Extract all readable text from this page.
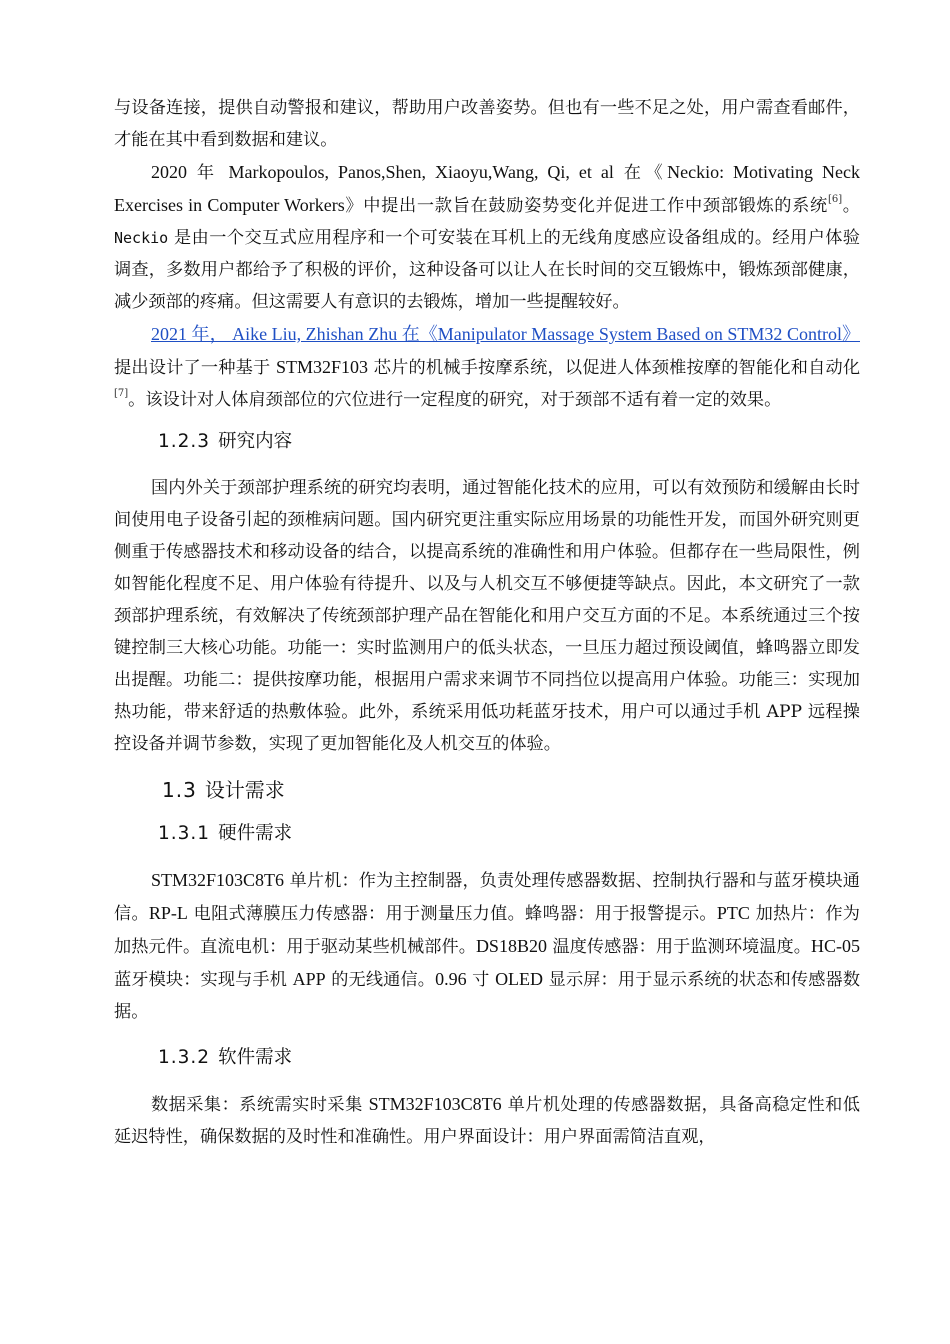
与设备连接，提供自动警报和建议，帮助用户改善姿势。但也有一些不足之处，用户需查看邮件，才能在其中看到数据和建议。

2020 年 Markopoulos, Panos,Shen, Xiaoyu,Wang, Qi, et al 在《Neckio: Motivating Neck Exercises in Computer Workers》中提出一款旨在鼓励姿势变化并促进工作中颈部锻炼的系统[6]。Neckio 是由一个交互式应用程序和一个可安装在耳机上的无线角度感应设备组成的。经用户体验调查，多数用户都给予了积极的评价，这种设备可以让人在长时间的交互锻炼中，锻炼颈部健康，减少颈部的疼痛。但这需要人有意识的去锻炼，增加一些提醒较好。

2021 年， Aike Liu, Zhishan Zhu 在《Manipulator Massage System Based on STM32 Control》提出设计了一种基于 STM32F103 芯片的机械手按摩系统，以促进人体颈椎按摩的智能化和自动化[7]。该设计对人体肩颈部位的穴位进行一定程度的研究，对于颈部不适有着一定的效果。

1.2.3 研究内容

国内外关于颈部护理系统的研究均表明，通过智能化技术的应用，可以有效预防和缓解由长时间使用电子设备引起的颈椎病问题。国内研究更注重实际应用场景的功能性开发，而国外研究则更侧重于传感器技术和移动设备的结合，以提高系统的准确性和用户体验。但都存在一些局限性，例如智能化程度不足、用户体验有待提升、以及与人机交互不够便捷等缺点。因此，本文研究了一款颈部护理系统，有效解决了传统颈部护理产品在智能化和用户交互方面的不足。本系统通过三个按键控制三大核心功能。功能一：实时监测用户的低头状态，一旦压力超过预设阈值，蜂鸣器立即发出提醒。功能二：提供按摩功能，根据用户需求来调节不同挡位以提高用户体验。功能三：实现加热功能，带来舒适的热敷体验。此外，系统采用低功耗蓝牙技术，用户可以通过手机 APP 远程操控设备并调节参数，实现了更加智能化及人机交互的体验。

1.3 设计需求
1.3.1 硬件需求

STM32F103C8T6 单片机：作为主控制器，负责处理传感器数据、控制执行器和与蓝牙模块通信。RP-L 电阻式薄膜压力传感器：用于测量压力值。蜂鸣器：用于报警提示。PTC 加热片：作为加热元件。直流电机：用于驱动某些机械部件。DS18B20 温度传感器：用于监测环境温度。HC-05 蓝牙模块：实现与手机 APP 的无线通信。0.96 寸 OLED 显示屏：用于显示系统的状态和传感器数据。

1.3.2 软件需求

数据采集：系统需实时采集 STM32F103C8T6 单片机处理的传感器数据，具备高稳定性和低延迟特性，确保数据的及时性和准确性。用户界面设计：用户界面需简洁直观，
